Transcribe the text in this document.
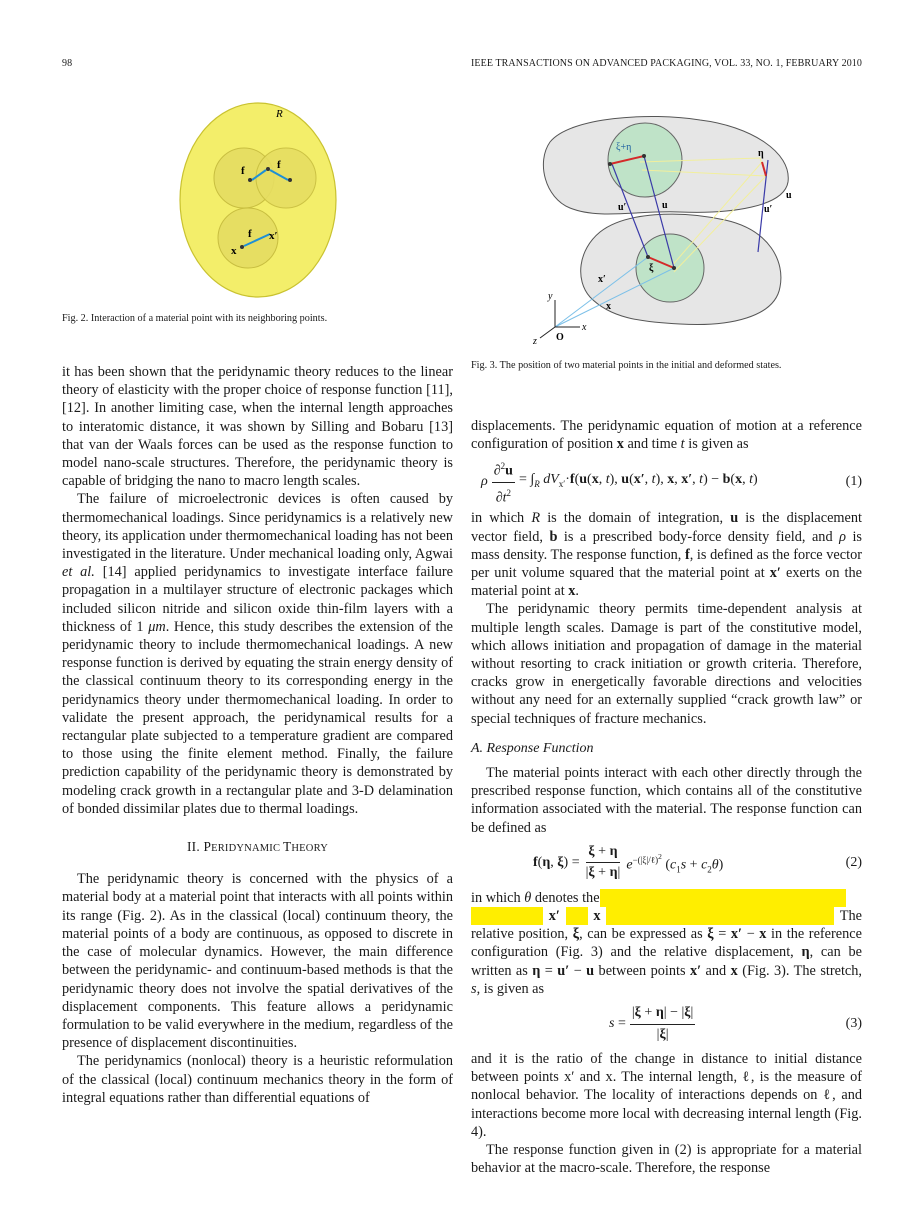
98	IEEE TRANSACTIONS ON ADVANCED PACKAGING, VOL. 33, NO. 1, FEBRUARY 2010
R
f	f
f
x
x′
Fig. 2. Interaction of a material point with its neighboring points.
ξ+η
η
u′	u
u
u′
ξ
x′
x
y
x
z O
Fig. 3. The position of two material points in the initial and deformed states.

it has been shown that the peridynamic theory reduces to the linear theory of elasticity with the proper choice of response function [11], [12]. In another limiting case, when the internal length approaches to interatomic distance, it was shown by Silling and Bobaru [13] that van der Waals forces can be used as the response function to model nano-scale structures. Therefore, the peridynamic theory is capable of bridging the nano to macro length scales.

The failure of microelectronic devices is often caused by thermomechanical loadings. Since peridynamics is a relatively new theory, its application under thermomechanical loading has not been investigated in the literature. Under mechanical loading only, Agwai et al. [14] applied peridynamics to investigate interface failure propagation in a multilayer structure of electronic packages which included silicon nitride and silicon oxide thin-film layers with a thickness of 1 μm. Hence, this study describes the extension of the peridynamic theory to include thermomechanical loadings. A new response function is derived by equating the strain energy density of the classical continuum theory to its corresponding energy in the peridynamics theory under thermomechanical loading. In order to validate the present approach, the peridynamical results for a rectangular plate subjected to a temperature gradient are compared to those using the finite element method. Finally, the failure prediction capability of the peridynamic theory is demonstrated by modeling crack growth in a rectangular plate and 3-D delamination of bonded dissimilar plates due to thermal loadings.

II. PERIDYNAMIC THEORY

The peridynamic theory is concerned with the physics of a material body at a material point that interacts with all points within its range (Fig. 2). As in the classical (local) continuum theory, the material points of a body are continuous, as opposed to discrete in the case of molecular dynamics. However, the main difference between the peridynamic- and continuum-based methods is that the peridynamic theory does not involve the spatial derivatives of the displacement components. This feature allows a peridynamic formulation to be valid everywhere in the medium, regardless of the presence of displacement discontinuities.

The peridynamics (nonlocal) theory is a heuristic reformulation of the classical (local) continuum mechanics theory in the form of integral equations rather than differential equations of

displacements. The peridynamic equation of motion at a reference configuration of position x and time t is given as

ρ $\frac{\partial^2u}{\partial t^2} = \int_R$ $dV_{x'}\cdot f(u(x$, t), u(x′, t), x, x′, t) − b(x, t)	(1)

in which R is the domain of integration, u is the displacement vector field, b is a prescribed body-force density field, and ρ is mass density. The response function, f, is defined as the force vector per unit volume squared that the material point at x′ exerts on the material point at x.

The peridynamic theory permits time-dependent analysis at multiple length scales. Damage is part of the constitutive model, which allows initiation and propagation of damage in the material without resorting to crack initiation or growth criteria. Therefore, cracks grow in energetically favorable directions and velocities without any need for an externally supplied “crack growth law” or special techniques of fracture mechanics.

A. Response Function

The material points interact with each other directly through the prescribed response function, which contains all of the constitutive information associated with the material. The response function can be defined as

f(η, $\xi) = \frac{\xi + \eta}{|\xi + \eta|} e^{-(|\xi|/\ell)^2}$ $(c_1s + c_2\theta)$	(2)

in which θ denotes the
x′ x	The relative position, ξ, can be expressed as ξ = x′ − x in the reference configuration (Fig. 3) and the relative displacement, η, can be written as η = u′ − u between points x′ and x (Fig. 3). The stretch, s, is given as

$s = \frac{|\xi + \eta| - |\xi|}{|\xi|}$	(3)

and it is the ratio of the change in distance to initial distance between points x′ and x. The internal length, ℓ, is the measure of nonlocal behavior. The locality of interactions depends on ℓ, and interactions become more local with decreasing internal length (Fig. 4).

The response function given in (2) is appropriate for a material behavior at the macro-scale. Therefore, the response
